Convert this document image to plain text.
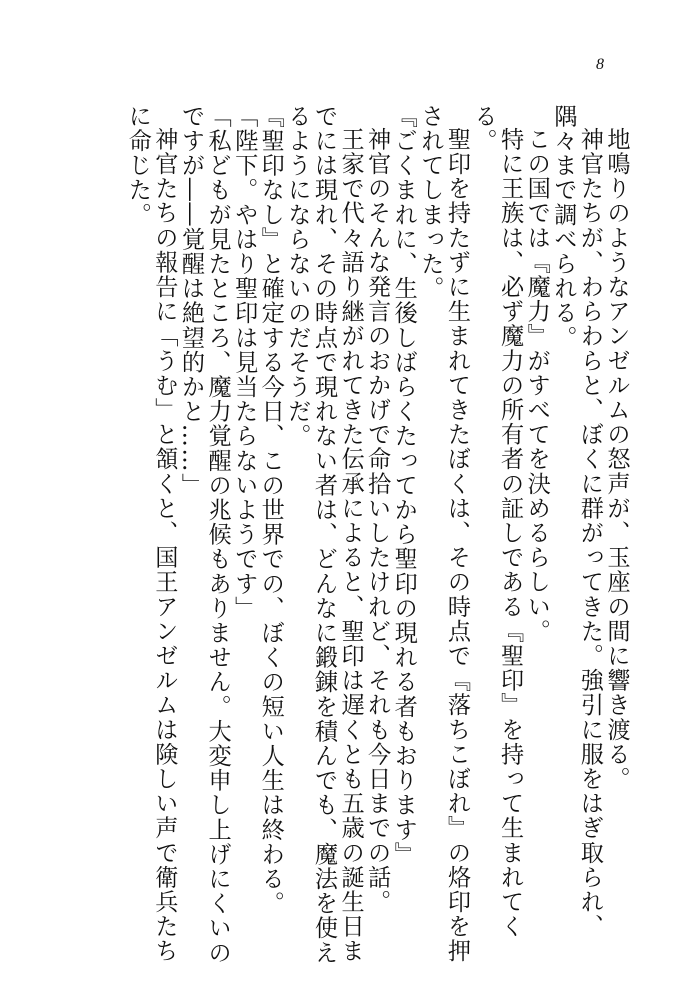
8

地鳴りのようなアンゼルムの怒声が、玉座の間に響き渡る。

神官たちが、わらわらと、ぼくに群がってきた。強引に服をはぎ取られ、隅々まで調べられる。

この国では『魔力』がすべてを決めるらしい。

特に王族は、必ず魔力の所有者の証しである『聖印』を持って生まれてくる。

聖印を持たずに生まれてきたぼくは、その時点で『落ちこぼれ』の烙印を押されてしまった。

『ごくまれに、生後しばらくたってから聖印の現れる者もおります』

神官のそんな発言のおかげで命拾いしたけれど、それも今日までの話。

王家で代々語り継がれてきた伝承によると、聖印は遅くとも五歳の誕生日までには現れ、その時点で現れない者は、どんなに鍛錬を積んでも、魔法を使えるようにならないのだそうだ。

『聖印なし』と確定する今日、この世界での、ぼくの短い人生は終わる。

「陛下。やはり聖印は見当たらないようです」

「私どもが見たところ、魔力覚醒の兆候もありません。大変申し上げにくいのですが――覚醒は絶望的かと……」

神官たちの報告に「うむ」と頷くと、国王アンゼルムは険しい声で衛兵たちに命じた。
